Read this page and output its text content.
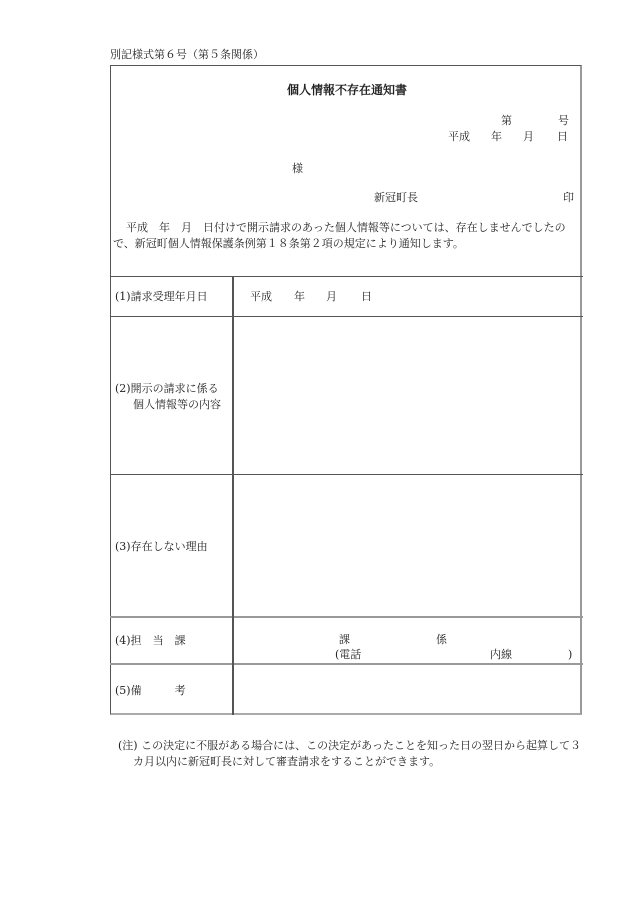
別記様式第６号（第５条関係）
個人情報不存在通知書
第	号
平成 年 月 日
様
新冠町長	印
平成　年　月　日付けで開示請求のあった個人情報等については、存在しませんでしたの
で、新冠町個人情報保護条例第１８条第２項の規定により通知します。
(1)請求受理年月日	平成 年 月 日
(2)開示の請求に係る
個人情報等の内容
(3)存在しない理由
(4)担　当　課	課	係
(電話	内線	)
(5)備　　　考
(注) この決定に不服がある場合には、この決定があったことを知った日の翌日から起算して３
カ月以内に新冠町長に対して審査請求をすることができます。
